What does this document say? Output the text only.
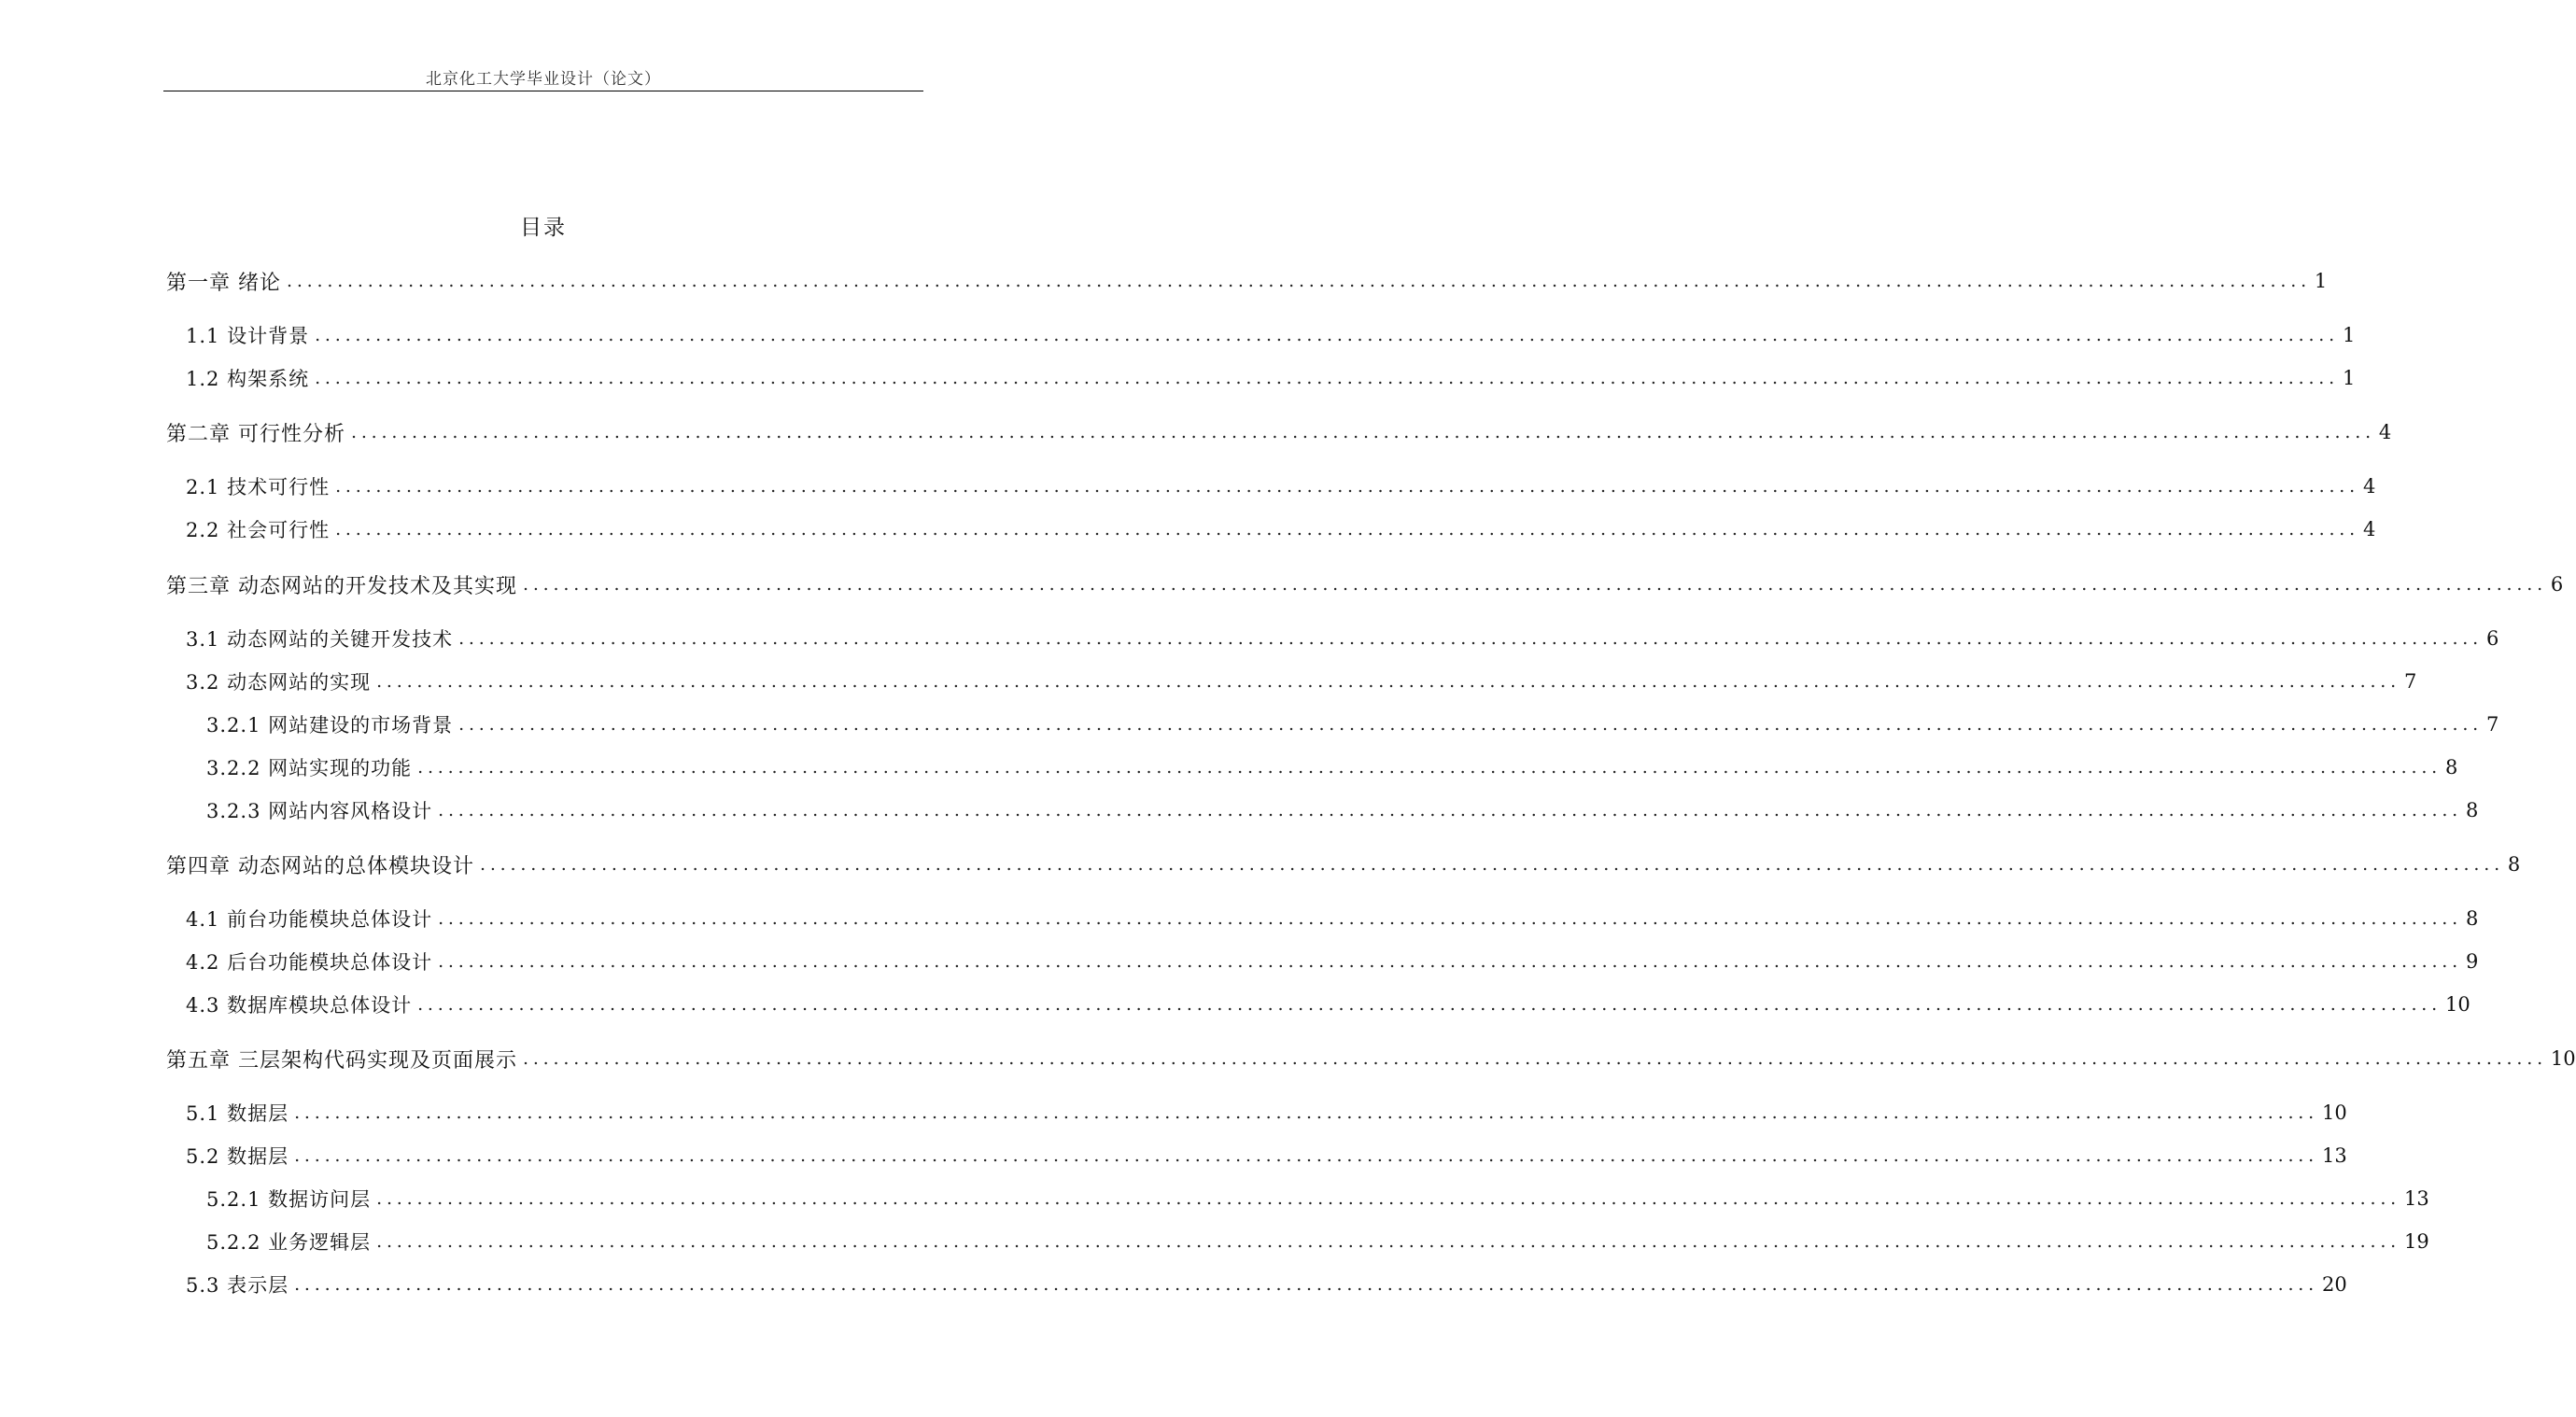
北京化工大学毕业设计（论文）
目录
第一章 绪论 ........................................................................................................................................................................................................ 1
1.1 设计背景 ........................................................................................................................................................................................................ 1
1.2 构架系统 ........................................................................................................................................................................................................ 1
第二章 可行性分析 ........................................................................................................................................................................................................ 4
2.1 技术可行性 ........................................................................................................................................................................................................ 4
2.2 社会可行性 ........................................................................................................................................................................................................ 4
第三章 动态网站的开发技术及其实现 ........................................................................................................................................................................................................ 6
3.1 动态网站的关键开发技术 ........................................................................................................................................................................................................ 6
3.2 动态网站的实现 ........................................................................................................................................................................................................ 7
3.2.1 网站建设的市场背景 ........................................................................................................................................................................................................ 7
3.2.2 网站实现的功能 ........................................................................................................................................................................................................ 8
3.2.3 网站内容风格设计 ........................................................................................................................................................................................................ 8
第四章 动态网站的总体模块设计 ........................................................................................................................................................................................................ 8
4.1 前台功能模块总体设计 ........................................................................................................................................................................................................ 8
4.2 后台功能模块总体设计 ........................................................................................................................................................................................................ 9
4.3 数据库模块总体设计 ........................................................................................................................................................................................................ 10
第五章 三层架构代码实现及页面展示 ........................................................................................................................................................................................................ 10
5.1 数据层 ........................................................................................................................................................................................................ 10
5.2 数据层 ........................................................................................................................................................................................................ 13
5.2.1 数据访问层 ........................................................................................................................................................................................................ 13
5.2.2 业务逻辑层 ........................................................................................................................................................................................................ 19
5.3 表示层 ........................................................................................................................................................................................................ 20
